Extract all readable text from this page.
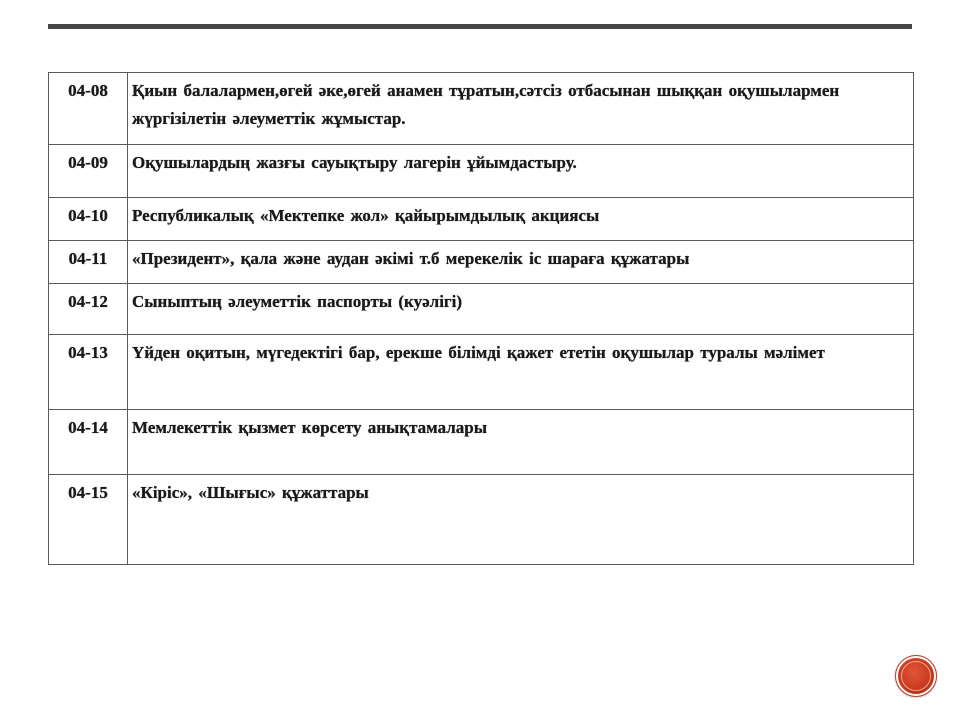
04-08	Қиын балалармен,өгей әке,өгей анамен тұратын,сәтсіз отбасынан шыққан оқушылармен жүргізілетін әлеуметтік жұмыстар.
04-09	Оқушылардың жазғы сауықтыру лагерін ұйымдастыру.
04-10	Республикалық «Мектепке жол» қайырымдылық акциясы
04-11	«Президент», қала және аудан әкімі т.б мерекелік іс шараға құжатары
04-12	Сыныптың әлеуметтік паспорты (куәлігі)
04-13	Үйден оқитын, мүгедектігі бар, ерекше білімді қажет ететін оқушылар туралы мәлімет
04-14	Мемлекеттік қызмет көрсету анықтамалары
04-15	«Кіріс», «Шығыс» құжаттары
